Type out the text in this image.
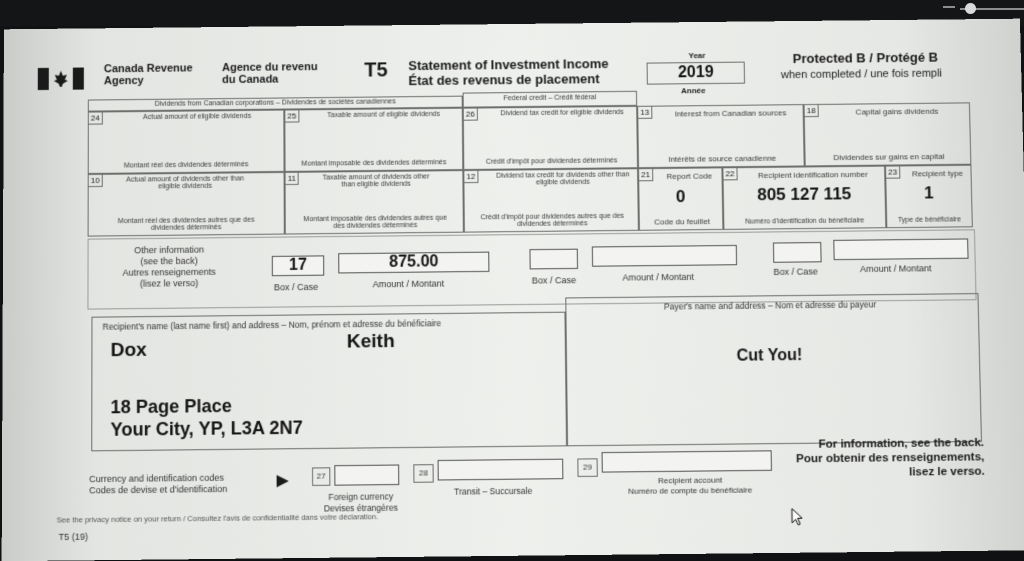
Canada Revenue
Agency
Agence du revenu
du Canada	T5 Statement of Investment Income
État des revenus de placement
Year
2019
Année
Protected B / Protégé B
when completed / une fois rempli
Dividends from Canadian corporations – Dividendes de sociétés canadiennes
Federal credit – Crédit fédéral
24	Actual amount of eligible dividends
Montant réel des dividendes déterminés
25	Taxable amount of eligible dividends
Montant imposable des dividendes déterminés
26	Dividend tax credit for eligible dividends
Crédit d'impôt pour dividendes déterminés
13	Interest from Canadian sources
Intérêts de source canadienne
18	Capital gains dividends
Dividendes sur gains en capital
10	Actual amount of dividends other than eligible dividends
Montant réel des dividendes autres que des dividendes déterminés
11	Taxable amount of dividends other than eligible dividends
Montant imposable des dividendes autres que des dividendes déterminés
12	Dividend tax credit for dividends other than eligible dividends
Crédit d'impôt pour dividendes autres que des dividendes déterminés
21	Report Code
0
Code du feuillet
22	Recipient identification number
805 127 115
Numéro d'identification du bénéficiaire
23	Recipient type
1
Type de bénéficiaire
Other information
(see the back)
Autres renseignements
(lisez le verso)
17	875.00
Box / Case	Amount / Montant	Box / Case	Amount / Montant
Box / Case	Amount / Montant
Recipient's name (last name first) and address – Nom, prénom et adresse du bénéficiaire
Dox	Keith
18 Page Place
Your City, YP, L3A 2N7
Payer's name and address – Nom et adresse du payeur
Cut You!
Currency and identification codes
Codes de devise et d'identification
27
Foreign currency
Devises étrangères
28
Transit – Succursale
29
Recipient account
Numéro de compte du bénéficiaire
For information, see the back.
Pour obtenir des renseignements,
lisez le verso.
See the privacy notice on your return / Consultez l'avis de confidentialité dans votre déclaration.
T5 (19)
